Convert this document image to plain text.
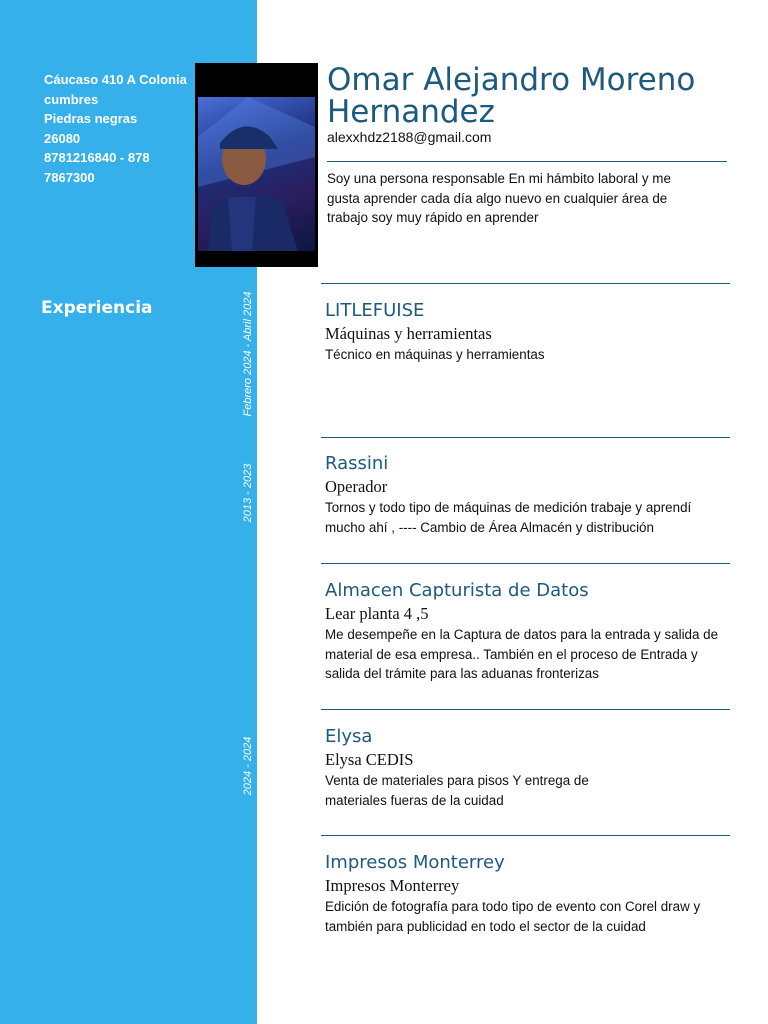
Cáucaso 410 A Colonia
cumbres
Piedras negras
26080
8781216840 - 878
7867300
Experiencia	Febrero 2024 - Abril 2024
2013 - 2023
2024 - 2024
Omar Alejandro Moreno Hernandez
alexxhdz2188@gmail.com
Soy una persona responsable En mi hámbito laboral y me gusta aprender cada día algo nuevo en cualquier área de trabajo soy muy rápido en aprender
LITLEFUISE
Máquinas y herramientas
Técnico en máquinas y herramientas
Rassini
Operador
Tornos y todo tipo de máquinas de medición trabaje y aprendí mucho ahí , ---- Cambio de Área Almacén y distribución
Almacen Capturista de Datos
Lear planta 4 ,5
Me desempeñe en la Captura de datos para la entrada y salida de material de esa empresa.. También en el proceso de Entrada y salida del trámite para las aduanas fronterizas
Elysa
Elysa CEDIS
Venta de materiales para pisos Y entrega de materiales fueras de la cuidad
Impresos Monterrey
Impresos Monterrey
Edición de fotografía para todo tipo de evento con Corel draw y también para publicidad en todo el sector de la cuidad
